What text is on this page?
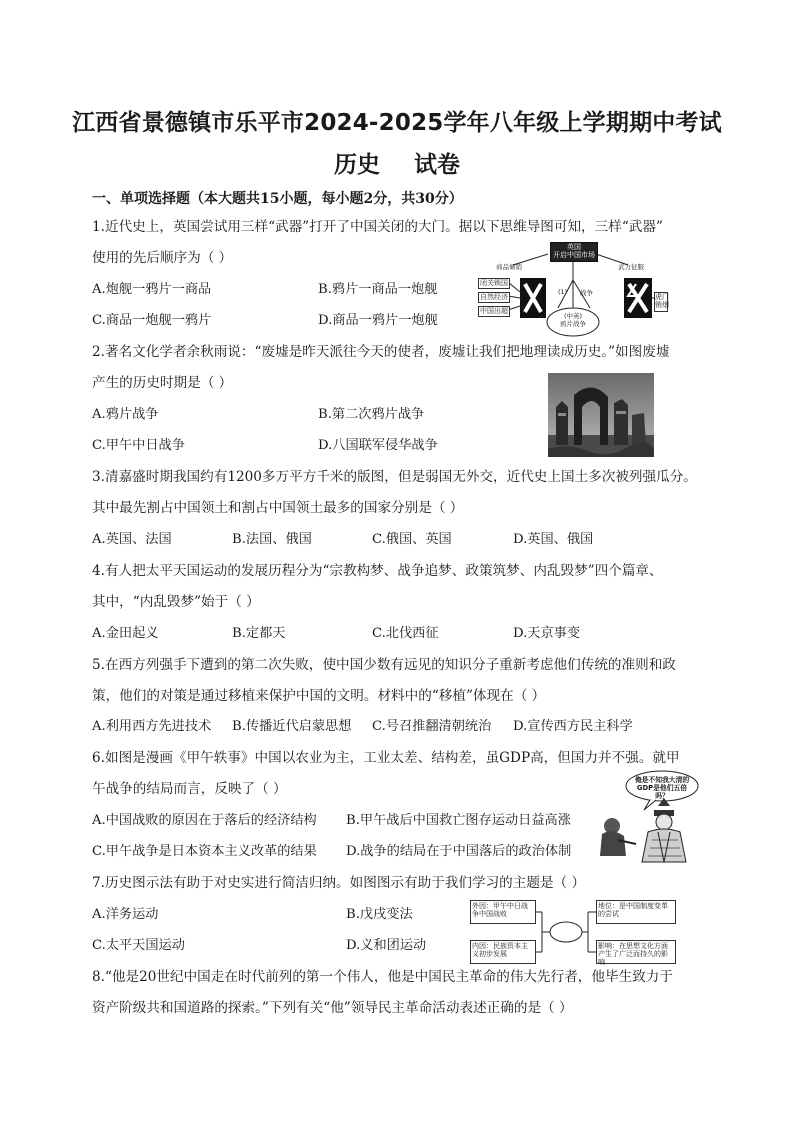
江西省景德镇市乐平市2024-2025学年八年级上学期期中考试
历史 试卷
一、单项选择题（本大题共15小题，每小题2分，共30分）
1.近代史上，英国尝试用三样“武器”打开了中国关闭的大门。据以下思维导图可知，三样“武器”
使用的先后顺序为（ ）
A.炮舰一鸦片一商品	B.鸦片一商品一炮舰
C.商品一炮舰一鸦片	D.商品一鸦片一炮舰
英国
开启中国市场
商品倾销	武力征服
(1) 战争
(中英)
鸦片战争
闭关锁国
自然经济
中国出超
虎门
销烟
2.著名文化学者余秋雨说：“废墟是昨天派往今天的使者，废墟让我们把地理读成历史。”如图废墟
产生的历史时期是（ ）
A.鸦片战争	B.第二次鸦片战争
C.甲午中日战争	D.八国联军侵华战争
3.清嘉盛时期我国约有1200多万平方千米的版图，但是弱国无外交，近代史上国土多次被列强瓜分。
其中最先割占中国领土和割占中国领土最多的国家分别是（ ）
A.英国、法国	B.法国、俄国	C.俄国、英国	D.英国、俄国
4.有人把太平天国运动的发展历程分为“宗教构梦、战争追梦、政策筑梦、内乱毁梦”四个篇章、
其中，“内乱毁梦”始于（ ）
A.金田起义	B.定都天	C.北伐西征	D.天京事变
5.在西方列强手下遭到的第二次失败，使中国少数有远见的知识分子重新考虑他们传统的准则和政
策，他们的对策是通过移植来保护中国的文明。材料中的“移植”体现在（ ）
A.利用西方先进技术 B.传播近代启蒙思想 C.号召推翻清朝统治 D.宣传西方民主科学
6.如图是漫画《甲午轶事》中国以农业为主，工业太差、结构差，虽GDP高，但国力并不强。就甲
午战争的结局而言，反映了（ ）
A.中国战败的原因在于落后的经济结构 B.甲午战后中国救亡图存运动日益高涨
C.甲午战争是日本资本主义改革的结果 D.战争的结局在于中国落后的政治体制
俺是不知我大清的GDP是他们五倍吗？
7.历史图示法有助于对史实进行简洁归纳。如图图示有助于我们学习的主题是（ ）
A.洋务运动	B.戊戌变法
C.太平天国运动	D.义和团运动
外因：甲午中日战争中国战败
内因：民族资本主义初步发展
地位：是中国制度变革的尝试
影响：在思想文化方面产生了广泛而持久的影响
8.“他是20世纪中国走在时代前列的第一个伟人，他是中国民主革命的伟大先行者，他毕生致力于
资产阶级共和国道路的探索。”下列有关“他”领导民主革命活动表述正确的是（ ）
